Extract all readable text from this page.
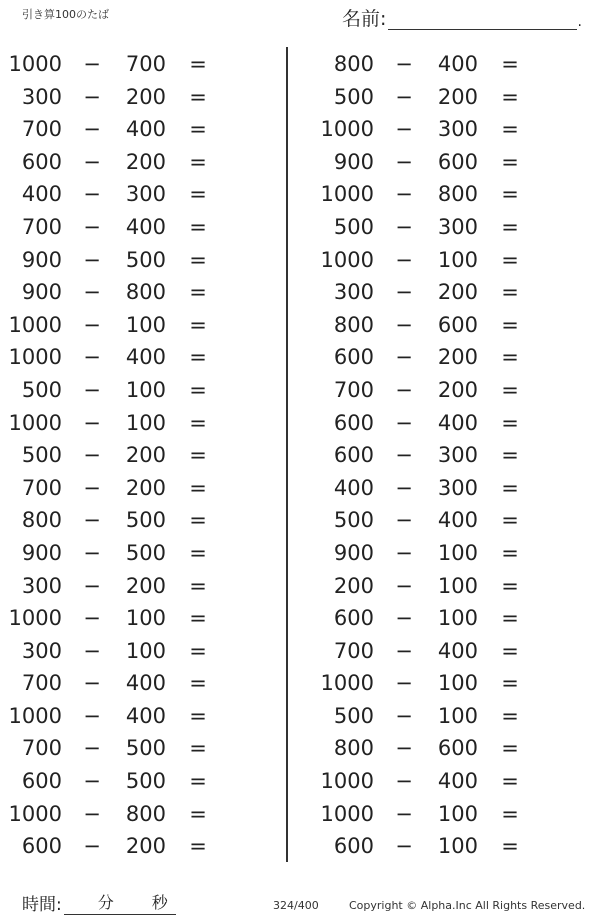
引き算100のたば	名前:	.
1000 −	700 =
300 −	200 =
700 −	400 =
600 −	200 =
400 −	300 =
700 −	400 =
900 −	500 =
900 −	800 =
1000 −	100 =
1000 −	400 =
500 −	100 =
1000 −	100 =
500 −	200 =
700 −	200 =
800 −	500 =
900 −	500 =
300 −	200 =
1000 −	100 =
300 −	100 =
700 −	400 =
1000 −	400 =
700 −	500 =
600 −	500 =
1000 −	800 =
600 −	200 =
800 −	400 =
500 −	200 =
1000 −	300 =
900 −	600 =
1000 −	800 =
500 −	300 =
1000 −	100 =
300 −	200 =
800 −	600 =
600 −	200 =
700 −	200 =
600 −	400 =
600 −	300 =
400 −	300 =
500 −	400 =
900 −	100 =
200 −	100 =
600 −	100 =
700 −	400 =
1000 −	100 =
500 −	100 =
800 −	600 =
1000 −	400 =
1000 −	100 =
600 −	100 =
時間: 分 秒	324/400	Copyright © Alpha.Inc All Rights Reserved.
